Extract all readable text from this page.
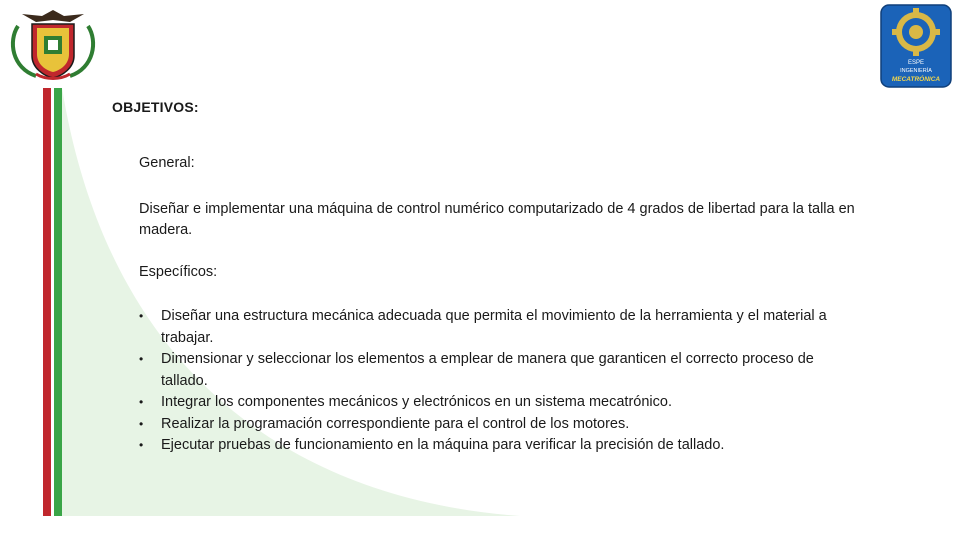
ESPE
INGENIERÍA
MECATRÓNICA
OBJETIVOS:
General:
Diseñar e implementar una máquina de control numérico computarizado de 4 grados de libertad para la talla en madera.
Específicos:
•	Diseñar una estructura mecánica adecuada que permita el movimiento de la herramienta y el material a trabajar.
•	Dimensionar y seleccionar los elementos a emplear de manera que garanticen el correcto proceso de tallado.
•	Integrar los componentes mecánicos y electrónicos en un sistema mecatrónico.
•	Realizar la programación correspondiente para el control de los motores.
•	Ejecutar pruebas de funcionamiento en la máquina para verificar la precisión de tallado.
